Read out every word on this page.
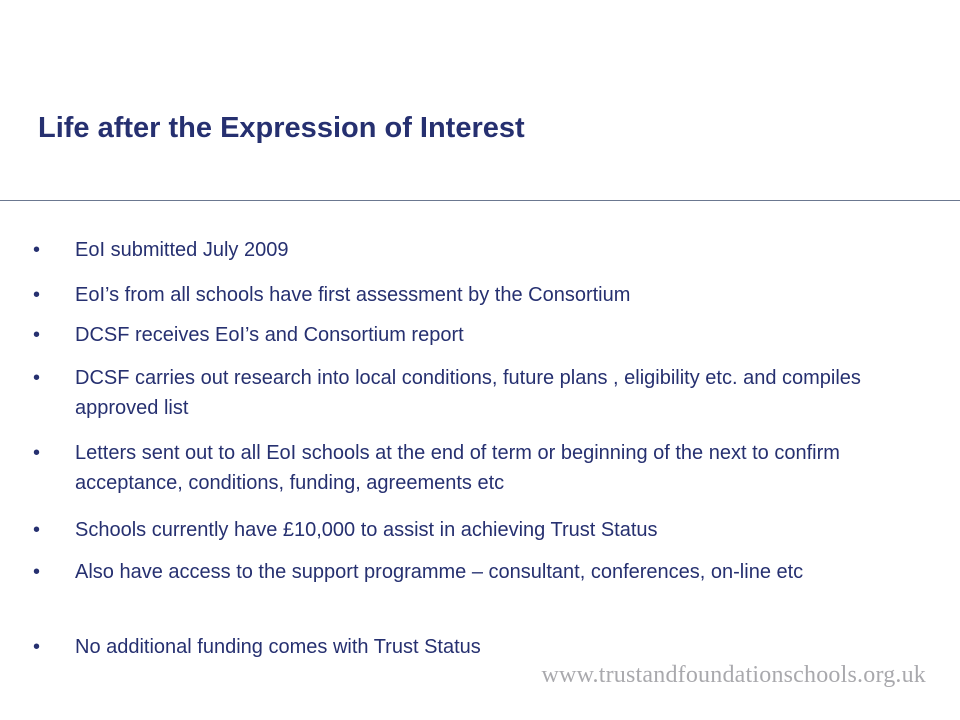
Life after the Expression of Interest
• EoI submitted July 2009
• EoI’s from all schools have first assessment by the Consortium
• DCSF receives EoI’s and Consortium report
• DCSF carries out research into local conditions, future plans , eligibility etc. and compiles approved list
• Letters sent out to all EoI schools at the end of term or beginning of the next to confirm acceptance, conditions, funding, agreements etc
• Schools currently have £10,000 to assist in achieving Trust Status
• Also have access to the support programme – consultant, conferences, on-line etc
• No additional funding comes with Trust Status
www.trustandfoundationschools.org.uk
